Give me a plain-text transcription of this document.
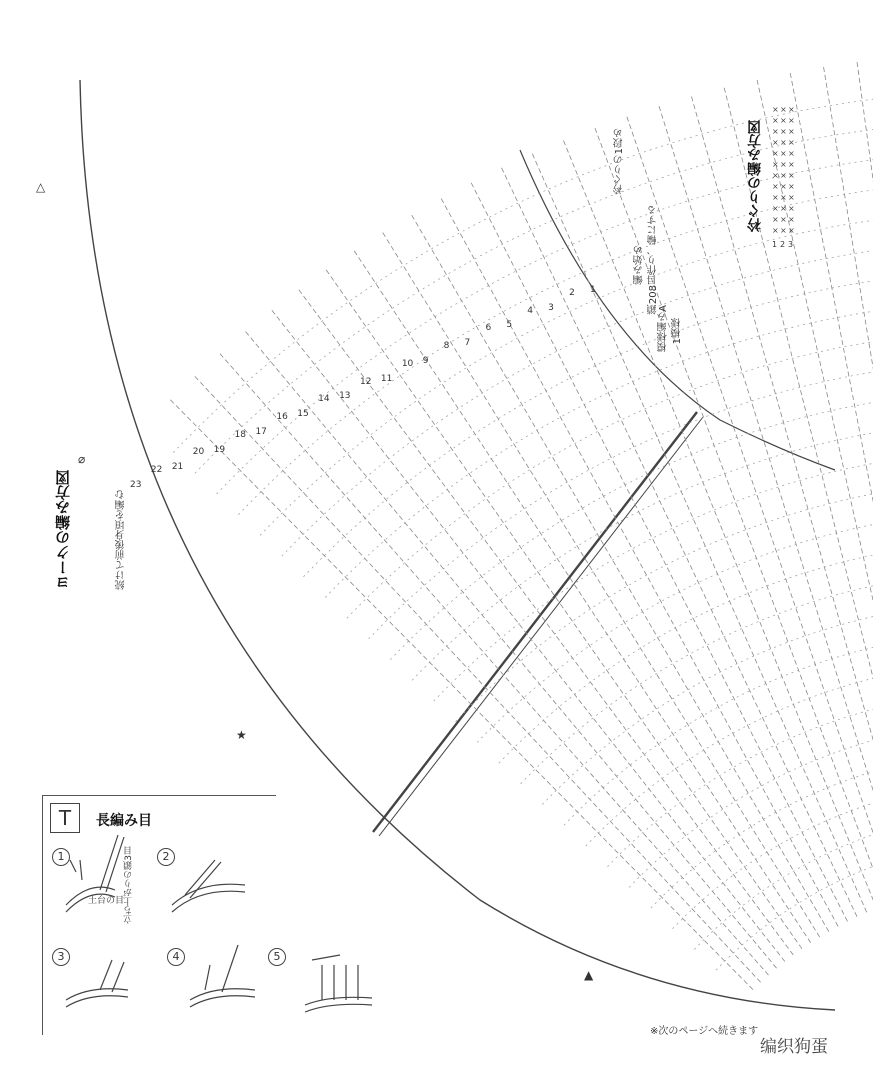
×
×
×
×
×
×
×
×
×
×
×
×
×
×
×
×
×
×
×
×
×
×
×
×
×
×
×
×
×
×
×
×
×
×
×
×
ヨークの編み方図
衿ぐりの編み方図
続けて前後身頃を編む
衿ぐりの1段め
編み始め 鎖208目作り、輪にする
模様編みA 1模様
※次のページへ続きます
编织狗蛋
△
⌀
★
▲
1
2
3
4
5
6
7
8
9
10
11
12
13
14
15
16
17
18
19
20
21
22
23
1 2 3
T	長編み目
土台の目 立ち上がりの鎖3目
1	2
3	4	5
